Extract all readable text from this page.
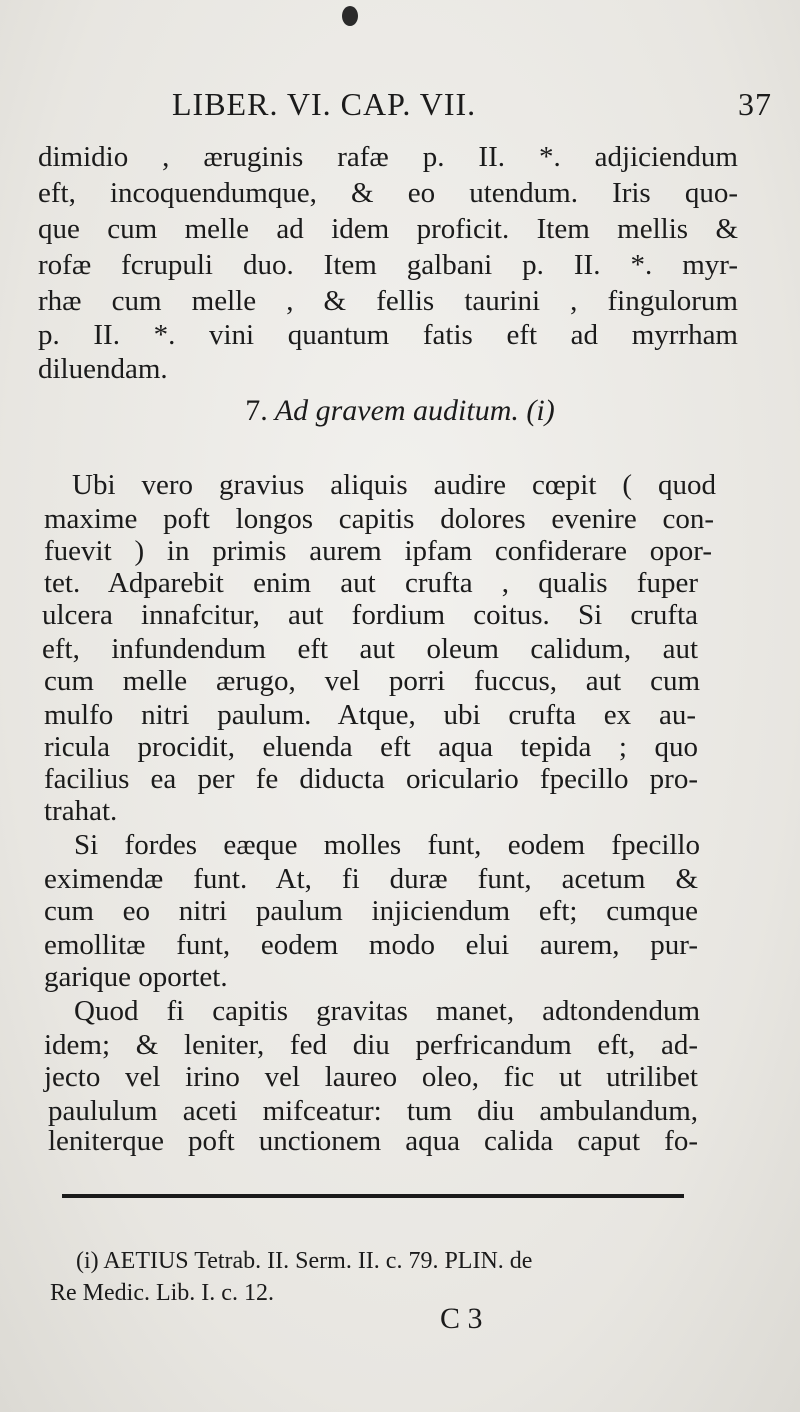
LIBER. VI. CAP. VII.	37
dimidio , æruginis rafæ p. II. *. adjiciendum
eft, incoquendumque, & eo utendum. Iris quo-
que cum melle ad idem proficit. Item mellis &
rofæ fcrupuli duo. Item galbani p. II. *. myr-
rhæ cum melle , & fellis taurini , fingulorum
p. II. *. vini quantum fatis eft ad myrrham
diluendam.
7. Ad gravem auditum. (i)
Ubi vero gravius aliquis audire cœpit ( quod
maxime poft longos capitis dolores evenire con-
fuevit ) in primis aurem ipfam confiderare opor-
tet. Adparebit enim aut crufta , qualis fuper
ulcera innafcitur, aut fordium coitus. Si crufta
eft, infundendum eft aut oleum calidum, aut
cum melle ærugo, vel porri fuccus, aut cum
mulfo nitri paulum. Atque, ubi crufta ex au-
ricula procidit, eluenda eft aqua tepida ; quo
facilius ea per fe diducta oriculario fpecillo pro-
trahat.
Si fordes eæque molles funt, eodem fpecillo
eximendæ funt. At, fi duræ funt, acetum &
cum eo nitri paulum injiciendum eft; cumque
emollitæ funt, eodem modo elui aurem, pur-
garique oportet.
Quod fi capitis gravitas manet, adtondendum
idem; & leniter, fed diu perfricandum eft, ad-
jecto vel irino vel laureo oleo, fic ut utrilibet
paululum aceti mifceatur: tum diu ambulandum,
leniterque poft unctionem aqua calida caput fo-
(i) AETIUS Tetrab. II. Serm. II. c. 79. PLIN. de
Re Medic. Lib. I. c. 12.
C 3
